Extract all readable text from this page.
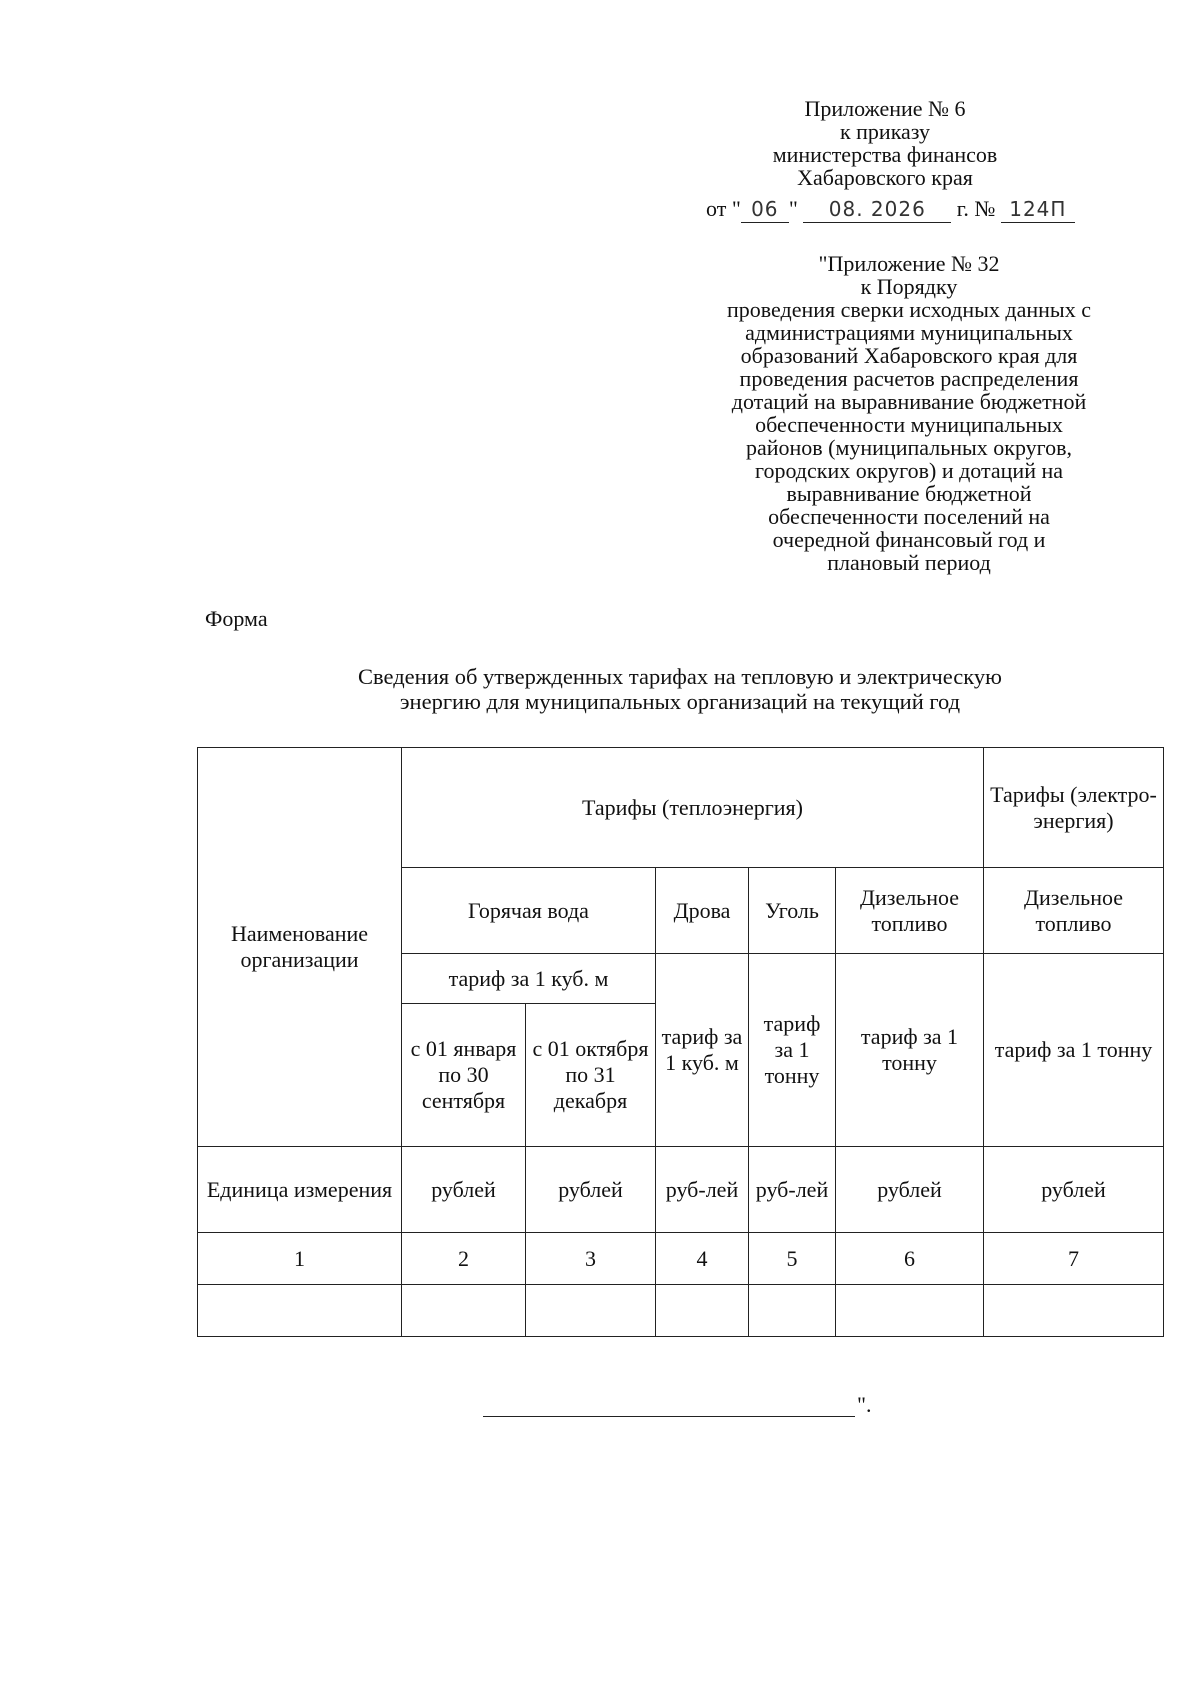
Приложение № 6
к приказу
министерства финансов
Хабаровского края
от " 06 " 08. 2026 г. № 124П
"Приложение № 32
к Порядку
проведения сверки исходных данных с администрациями муниципальных образований Хабаровского края для проведения расчетов распределения дотаций на выравнивание бюджетной обеспеченности муниципальных районов (муниципальных округов, городских округов) и дотаций на выравнивание бюджетной обеспеченности поселений на очередной финансовый год и плановый период
Форма
Сведения об утвержденных тарифах на тепловую и электрическую
энергию для муниципальных организаций на текущий год
Наименование организации	Тарифы (теплоэнергия)					Тарифы (электро-энергия)
	Горячая вода		Дрова	Уголь	Дизельное топливо	Дизельное топливо
	тариф за 1 куб. м		тариф за 1 куб. м	тариф за 1 тонну	тариф за 1 тонну	тариф за 1 тонну
	с 01 января по 30 сентября	с 01 октября по 31 декабря				
Единица измерения	рублей	рублей	руб-лей	руб-лей	рублей	рублей
1	2	3	4	5	6	7

".
